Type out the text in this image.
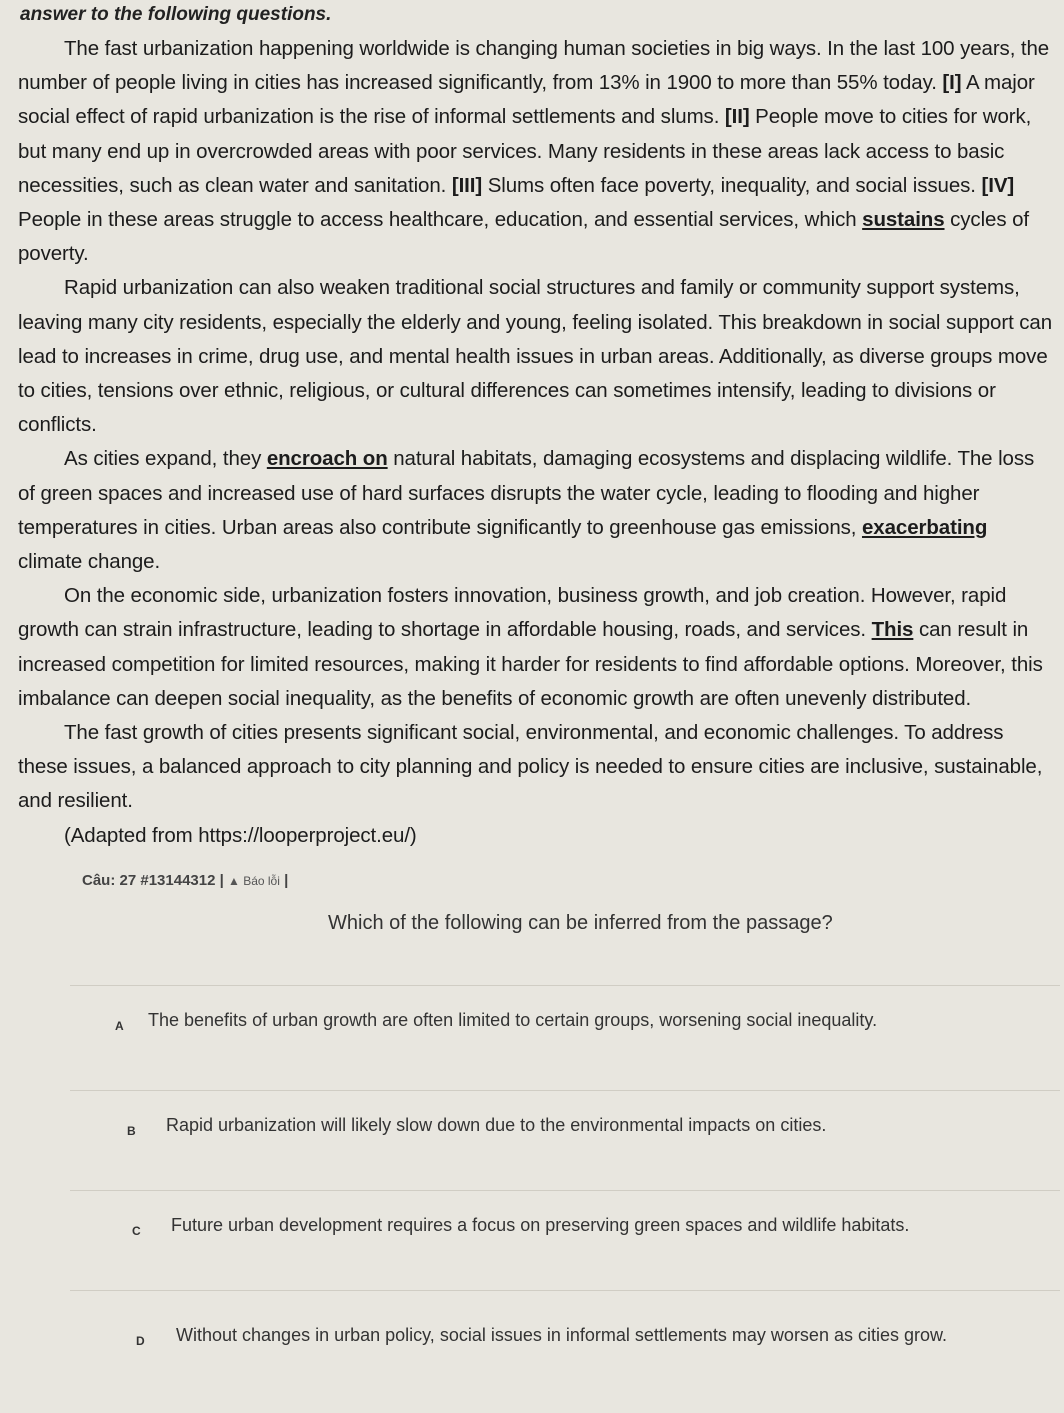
answer to the following questions.

The fast urbanization happening worldwide is changing human societies in big ways. In the last 100 years, the number of people living in cities has increased significantly, from 13% in 1900 to more than 55% today. [I] A major social effect of rapid urbanization is the rise of informal settlements and slums. [II] People move to cities for work, but many end up in overcrowded areas with poor services. Many residents in these areas lack access to basic necessities, such as clean water and sanitation. [III] Slums often face poverty, inequality, and social issues. [IV] People in these areas struggle to access healthcare, education, and essential services, which sustains cycles of poverty.

Rapid urbanization can also weaken traditional social structures and family or community support systems, leaving many city residents, especially the elderly and young, feeling isolated. This breakdown in social support can lead to increases in crime, drug use, and mental health issues in urban areas. Additionally, as diverse groups move to cities, tensions over ethnic, religious, or cultural differences can sometimes intensify, leading to divisions or conflicts.

As cities expand, they encroach on natural habitats, damaging ecosystems and displacing wildlife. The loss of green spaces and increased use of hard surfaces disrupts the water cycle, leading to flooding and higher temperatures in cities. Urban areas also contribute significantly to greenhouse gas emissions, exacerbating climate change.

On the economic side, urbanization fosters innovation, business growth, and job creation. However, rapid growth can strain infrastructure, leading to shortage in affordable housing, roads, and services. This can result in increased competition for limited resources, making it harder for residents to find affordable options. Moreover, this imbalance can deepen social inequality, as the benefits of economic growth are often unevenly distributed.

The fast growth of cities presents significant social, environmental, and economic challenges. To address these issues, a balanced approach to city planning and policy is needed to ensure cities are inclusive, sustainable, and resilient.

(Adapted from https://looperproject.eu/)

Câu: 27 #13144312 | ▲ Báo lỗi |
Which of the following can be inferred from the passage?
A The benefits of urban growth are often limited to certain groups, worsening social inequality.
B Rapid urbanization will likely slow down due to the environmental impacts on cities.
C Future urban development requires a focus on preserving green spaces and wildlife habitats.
D Without changes in urban policy, social issues in informal settlements may worsen as cities grow.
